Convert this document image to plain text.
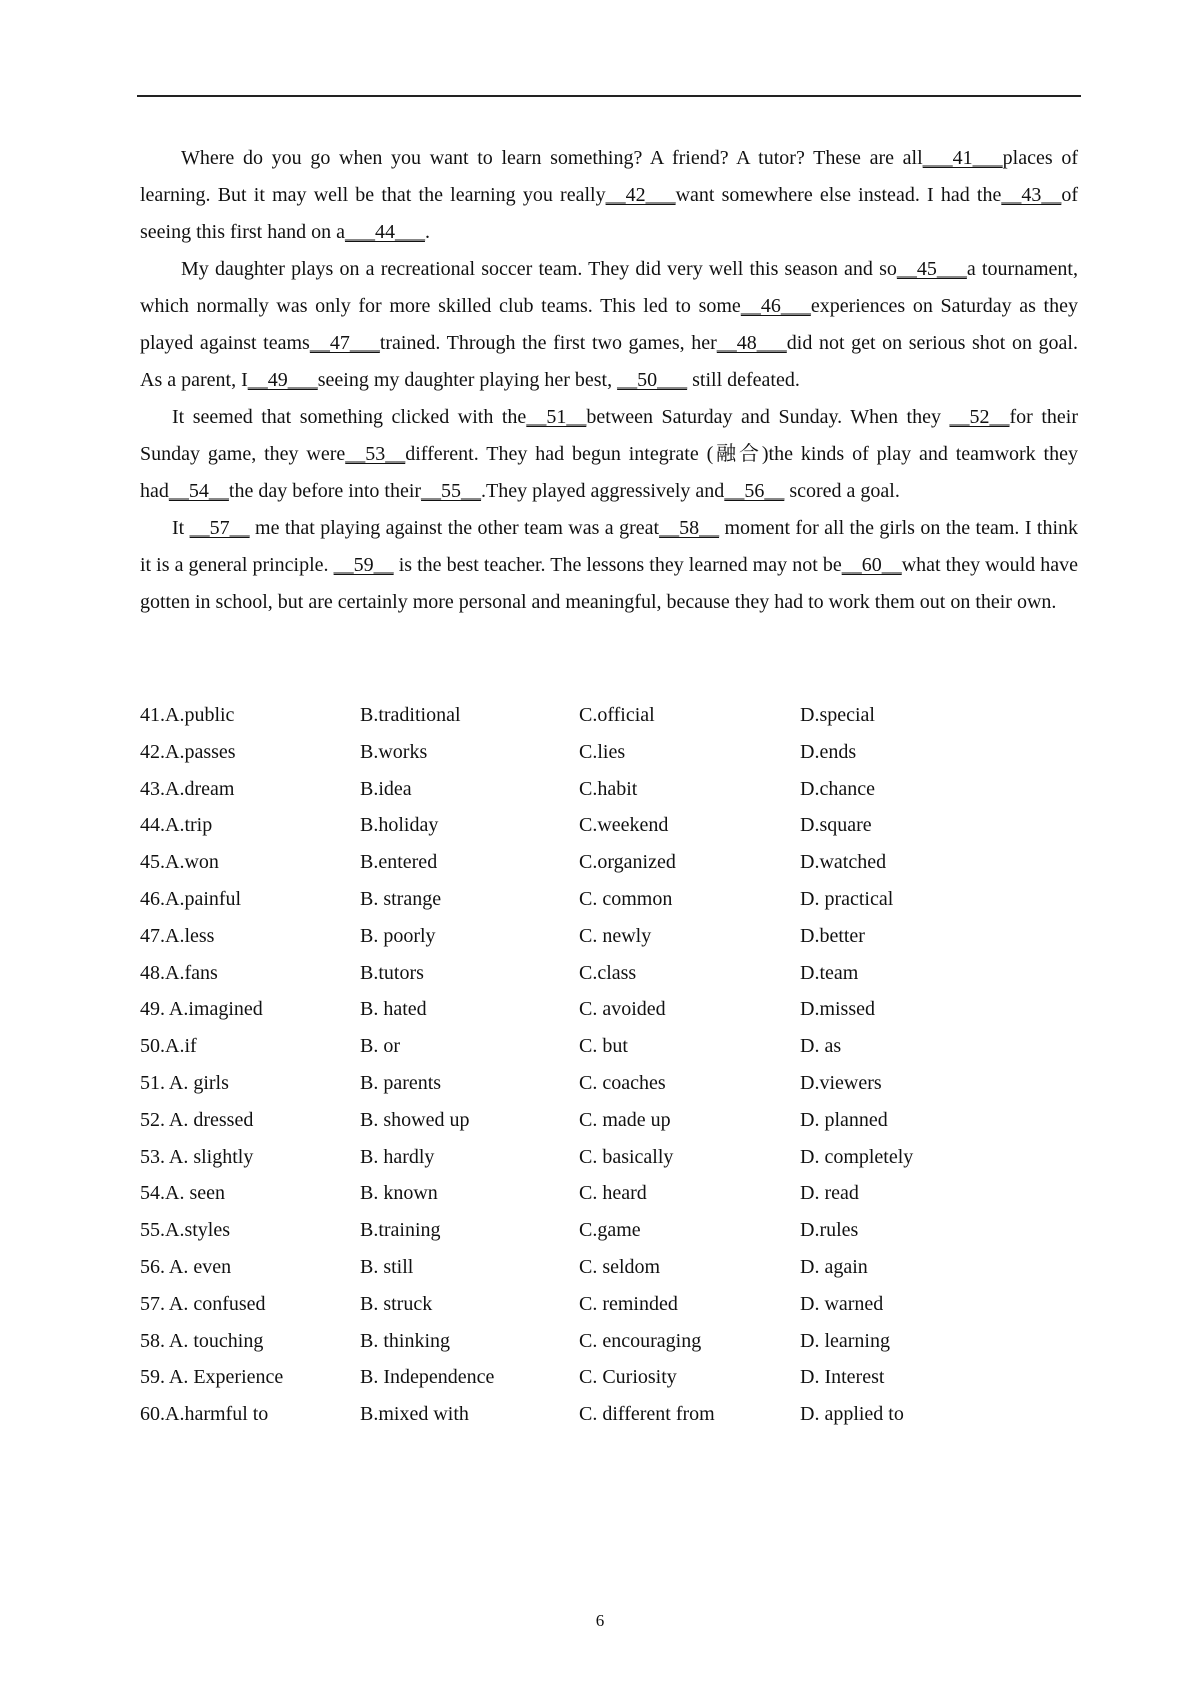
Where do you go when you want to learn something? A friend? A tutor? These are all___41___places of learning. But it may well be that the learning you really__42___want somewhere else instead. I had the__43__of seeing this first hand on a___44___.

My daughter plays on a recreational soccer team. They did very well this season and so__45___a tournament, which normally was only for more skilled club teams. This led to some__46___experiences on Saturday as they played against teams__47___trained. Through the first two games, her__48___did not get on serious shot on goal. As a parent, I__49___seeing my daughter playing her best, __50___ still defeated.

It seemed that something clicked with the__51__between Saturday and Sunday. When they __52__for their Sunday game, they were__53__different. They had begun integrate (融合)the kinds of play and teamwork they had__54__the day before into their__55__.They played aggressively and__56__ scored a goal.

It __57__ me that playing against the other team was a great__58__ moment for all the girls on the team. I think it is a general principle. __59__ is the best teacher. The lessons they learned may not be__60__what they would have gotten in school, but are certainly more personal and meaningful, because they had to work them out on their own.

41.A.public	B.traditional	C.official	D.special
42.A.passes	B.works	C.lies	D.ends
43.A.dream	B.idea	C.habit	D.chance
44.A.trip	B.holiday	C.weekend	D.square
45.A.won	B.entered	C.organized	D.watched
46.A.painful	B. strange	C. common	D. practical
47.A.less	B. poorly	C. newly	D.better
48.A.fans	B.tutors	C.class	D.team
49. A.imagined	B. hated	C. avoided	D.missed
50.A.if	B. or	C. but	D. as
51. A. girls	B. parents	C. coaches	D.viewers
52. A. dressed	B. showed up	C. made up	D. planned
53. A. slightly	B. hardly	C. basically	D. completely
54.A. seen	B. known	C. heard	D. read
55.A.styles	B.training	C.game	D.rules
56. A. even	B. still	C. seldom	D. again
57. A. confused	B. struck	C. reminded	D. warned
58. A. touching	B. thinking	C. encouraging	D. learning
59. A. Experience	B. Independence	C. Curiosity	D. Interest
60.A.harmful to	B.mixed with	C. different from	D. applied to
6
